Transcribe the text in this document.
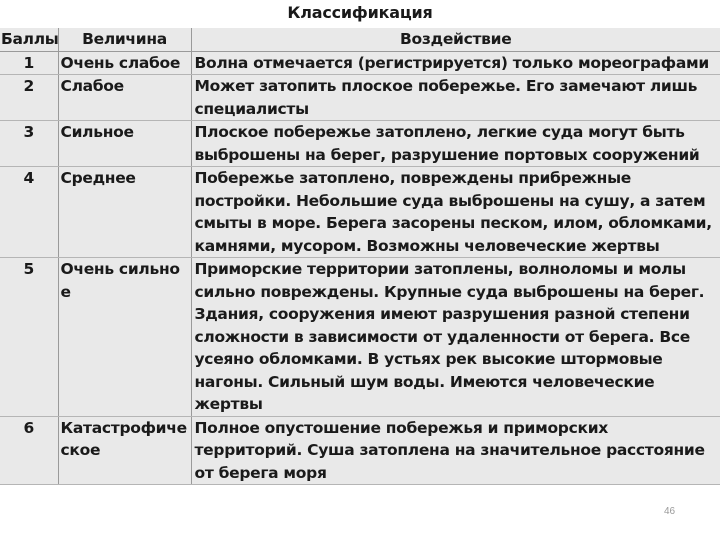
Классификация
Баллы	Величина	Воздействие
1	Очень слабое	Волна отмечается (регистрируется) только мореографами
2	Слабое	Может затопить плоское побережье. Его замечают лишь специалисты
3	Сильное	Плоское побережье затоплено, легкие суда могут быть выброшены на берег, разрушение портовых сооружений
4	Среднее	Побережье затоплено, повреждены прибрежные постройки. Небольшие суда выброшены на сушу, а затем смыты в море. Берега засорены песком, илом, обломками, камнями, мусором. Возможны человеческие жертвы
5	Очень сильное	Приморские территории затоплены, волноломы и молы сильно повреждены. Крупные суда выброшены на берег. Здания, сооружения имеют разрушения разной степени сложности в зависимости от удаленности от берега. Все усеяно обломками. В устьях рек высокие штормовые нагоны. Сильный шум воды. Имеются человеческие жертвы
6	Катастрофическое	Полное опустошение побережья и приморских территорий. Суша затоплена на значительное расстояние от берега моря
46
